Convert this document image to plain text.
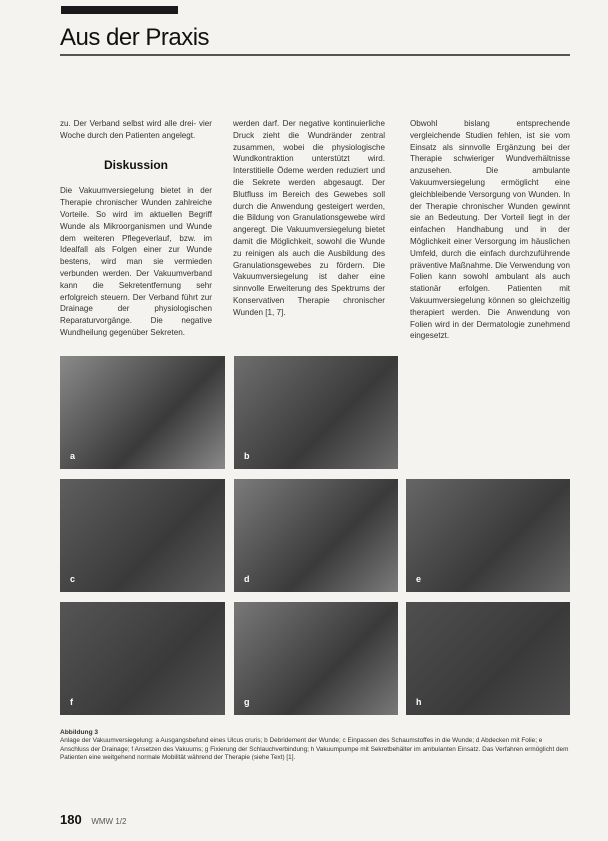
Aus der Praxis

zu. Der Verband selbst wird alle drei- vier Woche durch den Patienten angelegt.

Diskussion

Die Vakuumversiegelung bietet in der Therapie chronischer Wunden zahlreiche Vorteile. So wird im aktuellen Begriff Wunde als Mikroorganismen und Wunde dem weiteren Pflegeverlauf, bzw. im Idealfall als Folgen einer zur Wunde bestens, wird man sie vermieden verbunden werden. Der Vakuumverband kann die Sekretentfernung sehr erfolgreich steuern. Der Verband führt zur Drainage der physiologischen Reparaturvorgänge. Die negative Wundheilung gegenüber Sekreten.

werden darf. Der negative kontinuierliche Druck zieht die Wundränder zentral zusammen, wobei die physiologische Wundkontraktion unterstützt wird. Interstitielle Ödeme werden reduziert und die Sekrete werden abgesaugt. Der Blutfluss im Bereich des Gewebes soll durch die Anwendung gesteigert werden, die Bildung von Granulationsgewebe wird angeregt. Die Vakuumversiegelung bietet damit die Möglichkeit, sowohl die Wunde zu reinigen als auch die Ausbildung des Granulationsgewebes zu fördern. Die Vakuumversiegelung ist daher eine sinnvolle Erweiterung des Spektrums der Konservativen Therapie chronischer Wunden [1, 7].

Obwohl bislang entsprechende vergleichende Studien fehlen, ist sie vom Einsatz als sinnvolle Ergänzung bei der Therapie schwieriger Wundverhältnisse anzusehen. Die ambulante Vakuumversiegelung ermöglicht eine gleichbleibende Versorgung von Wunden. In der Therapie chronischer Wunden gewinnt sie an Bedeutung. Der Vorteil liegt in der einfachen Handhabung und in der Möglichkeit einer Versorgung im häuslichen Umfeld, durch die einfach durchzuführende präventive Maßnahme. Die Verwendung von Folien kann sowohl ambulant als auch stationär erfolgen. Patienten mit Vakuumversiegelung können so gleichzeitig therapiert werden. Die Anwendung von Folien wird in der Dermatologie zunehmend eingesetzt.

a	b
c	d	e
f	g	h
Abbildung 3
Anlage der Vakuumversiegelung: a Ausgangsbefund eines Ulcus cruris; b Debridement der Wunde; c Einpassen des Schaumstoffes in die Wunde; d Abdecken mit Folie; e Anschluss der Drainage; f Ansetzen des Vakuums; g Fixierung der Schlauchverbindung; h Vakuumpumpe mit Sekretbehälter im ambulanten Einsatz. Das Verfahren ermöglicht dem Patienten eine weitgehend normale Mobilität während der Therapie (siehe Text) [1].
180 WMW 1/2
